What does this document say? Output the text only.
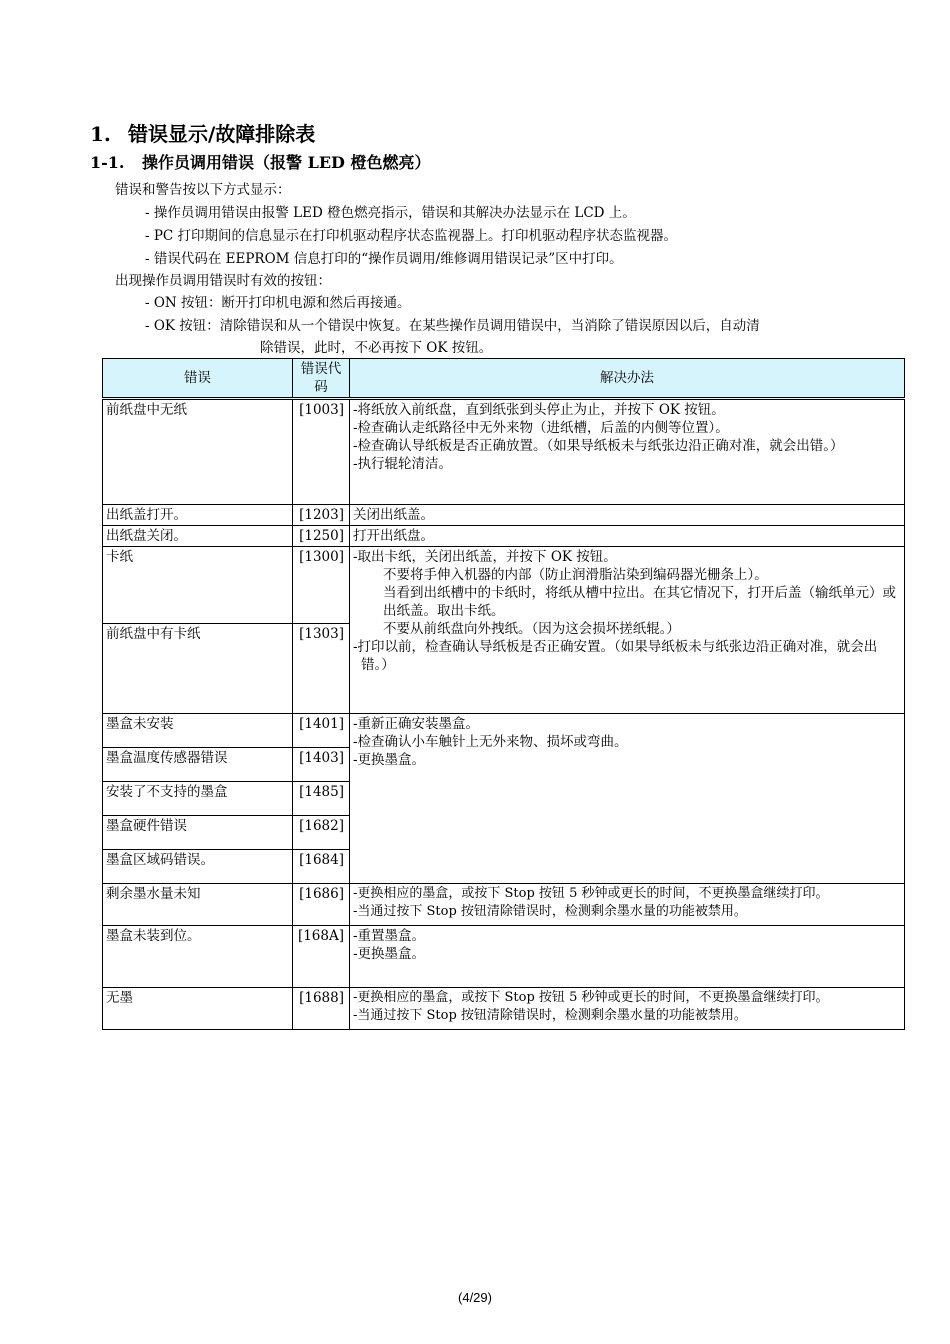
1. 错误显示/故障排除表
1-1. 操作员调用错误（报警 LED 橙色燃亮）
错误和警告按以下方式显示：
- 操作员调用错误由报警 LED 橙色燃亮指示，错误和其解决办法显示在 LCD 上。
- PC 打印期间的信息显示在打印机驱动程序状态监视器上。打印机驱动程序状态监视器。
- 错误代码在 EEPROM 信息打印的“操作员调用/维修调用错误记录”区中打印。
出现操作员调用错误时有效的按钮：
- ON 按钮：断开打印机电源和然后再接通。
- OK 按钮：清除错误和从一个错误中恢复。在某些操作员调用错误中，当消除了错误原因以后，自动清
除错误，此时，不必再按下 OK 按钮。
错误	错误代码	解决办法
前纸盘中无纸	[1003]	-将纸放入前纸盘，直到纸张到头停止为止，并按下 OK 按钮。

-检查确认走纸路径中无外来物（进纸槽，后盖的内侧等位置）。

-检查确认导纸板是否正确放置。（如果导纸板未与纸张边沿正确对准，就会出错。）

-执行辊轮清洁。

出纸盖打开。	[1203]	关闭出纸盖。

出纸盘关闭。	[1250]	打开出纸盘。

卡纸	[1300]	-取出卡纸，关闭出纸盖，并按下 OK 按钮。

不要将手伸入机器的内部（防止润滑脂沾染到编码器光栅条上）。

当看到出纸槽中的卡纸时，将纸从槽中拉出。在其它情况下，打开后盖（输纸单元）或出纸盖。取出卡纸。

不要从前纸盘向外拽纸。（因为这会损坏搓纸辊。）

-打印以前，检查确认导纸板是否正确安置。（如果导纸板未与纸张边沿正确对准，就会出错。）

前纸盘中有卡纸	[1303]	
墨盒未安装	[1401]	-重新正确安装墨盒。

-检查确认小车触针上无外来物、损坏或弯曲。

-更换墨盒。

墨盒温度传感器错误	[1403]	
安装了不支持的墨盒	[1485]	
墨盒硬件错误	[1682]	
墨盒区域码错误。	[1684]	
剩余墨水量未知	[1686]	-更换相应的墨盒，或按下 Stop 按钮 5 秒钟或更长的时间，不更换墨盒继续打印。

-当通过按下 Stop 按钮清除错误时，检测剩余墨水量的功能被禁用。

墨盒未装到位。	[168A]	-重置墨盒。

-更换墨盒。

无墨	[1688]	-更换相应的墨盒，或按下 Stop 按钮 5 秒钟或更长的时间，不更换墨盒继续打印。

-当通过按下 Stop 按钮清除错误时，检测剩余墨水量的功能被禁用。

(4/29)
